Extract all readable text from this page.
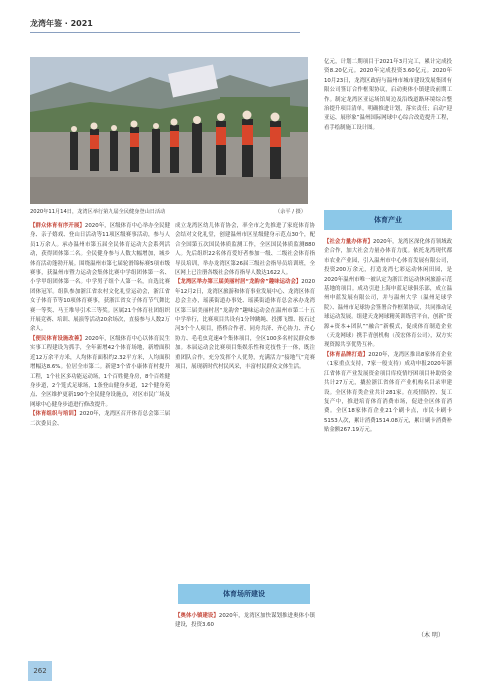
龙湾年鉴 · 2021
2020年11月14日，龙湾区举行第九届全民健身登山日活动	（余平 / 摄）

【群众体育有序开展】2020年，区级体育中心举办全民健身、亲子嬉戏、登山日活动等11项区级赛事活动，参与人员1万余人。承办温州市第五届全民体育运动大会系列活动，获得团体第二名。全民健身参与人数大幅增加，城乡体育活动蓬勃开展。围绕温州市第七届轮滑锦标赛5项市级赛事，获温州市暨力运动会集体比赛中学组团体第一名、小学甲组团体第一名。中学男子组个人第一名，自选比赛团体冠军。组队参加浙江省农村文化礼堂运动会，浙江省女子体育节等10项体育赛事，获浙江省女子体育节气舞比赛一等奖、马王堆导引术三等奖。区属21个体育社团组织开展竞赛、培训、展演等活动20余场次，直接参与人数2万余人。

【便民体育设施改善】2020年，区级体育中心以体育民生实事工程建设为抓手，全年新增42个体育场地，新增面积近12万余平方米，人均体育面积约2.32平方米，人均面积增幅达8.6%。位居全市第二。新建3个省小康体育村提升工程，1个社区多功能运动场，1个百姓健身房，8个百姓健身步道，2个笼式足球场，1条登山健身步道，12个健身苑点、全区维护更新190个全民健身设施点，对区市民广场及网球中心健身步道进行修改提升。

【体育组织与培训】2020年，龙湾区召开体育总会第三届二次委员会、

成立龙湾区幼儿体育协会，率全市之先推进了家庭体育协会结对文化礼堂，创建温州市区星级健身示范点30个，配合全国第五次国民体质监测工作，全区国民体质监测880人。先后组织22名体育爱好者参加一级、二级社会体育指导员培训，举办龙湾区第26届三级社会指导员培训班，全区网上已注册各级社会体育指导人数达1622人。

【龙湾区举办第三届美丽村居“龙韵舍”趣味运动会】2020年12月2日，龙湾区旅游和体育事业发展中心、龙湾区体育总会主办，瑶溪街道办事处、瑶溪街道体育总会承办龙湾区第三届美丽村居“龙韵舍”趣味运动会在温州市第二十五中学举行，比赛项目共设有1分钟跳绳、投掷飞镖、报石过河3个个人项目，搭桥合作者、同舟共济、齐心协力、齐心协力、毛毛虫竞速4个集体项目，全区100多名村民群众参加。本届运动会比赛项目集娱乐性和竞技性于一体，既注重团队合作，充分发挥个人优势，充满活力“接地气”竞赛项目，展现新时代村民风采，丰富村民群众文体生活。

体育场所建设

【奥体小镇建设】2020年，龙湾区加快谋划推进奥体小镇建设，投资3.60

亿元，计划二期项目于2021年3月完工，累计完成投资8.20亿元。2020年完成投资3.60亿元。2020年10月23日，龙湾区政府与温州市城市建设发展集团有限公司签订合作框架协议，启动奥体小镇建设前期工作。制定龙湾区亚运场馆周边及沿线道路环境综合整治提升项目清单，明确推进计划，落实责任；启动“迎亚运、展形象”温州国际网球中心综合改造提升工程，看手绘制施工设计图。

体育产业

【社会力量办体育】2020年，龙湾区深化体育领域政企合作，加大社会力量办体育力度。依托龙湾现代都市农业产业园，引入温州市中心体育发展有限公司，投资200万余元，打造龙湾七彩运动休闲田园，是2020年温州市唯一被认定为浙江省运动休闲旅游示范基地的项目。成功引进上海申蓝足球俱乐部，成立温州申蓝发展有限公司，并与温州大学（温州足球学院）、温州市足球协会签署合作框架协议，共同推动足球运动发展。组建天龙网球精英训练营平台，创新“资源+资本+团队”“融合”新模式，促成体育制造企业（天龙网球）携手青创机构（茂宏体育公司），双方实现资源共享优势互补。

【体育品牌打造】2020年，龙湾区推出8家体育企业（1家重点支持，7家一般支持）成功申报2020年浙江省体育产业发展资金项目库疫情纾困项目补助资金共计27万元，撬拉浙江省体育产业机构名目录审建设。全区体育类企业共计281家。在疫情防控、复工复产中，推进培育体育消费市场，促进全区体育消费。全区18家体育企业21个刷卡点，市民卡刷卡5153人次，累计消费1514.08万元，累计刷卡消费补贴金额267.19万元。

（木 明）
262
